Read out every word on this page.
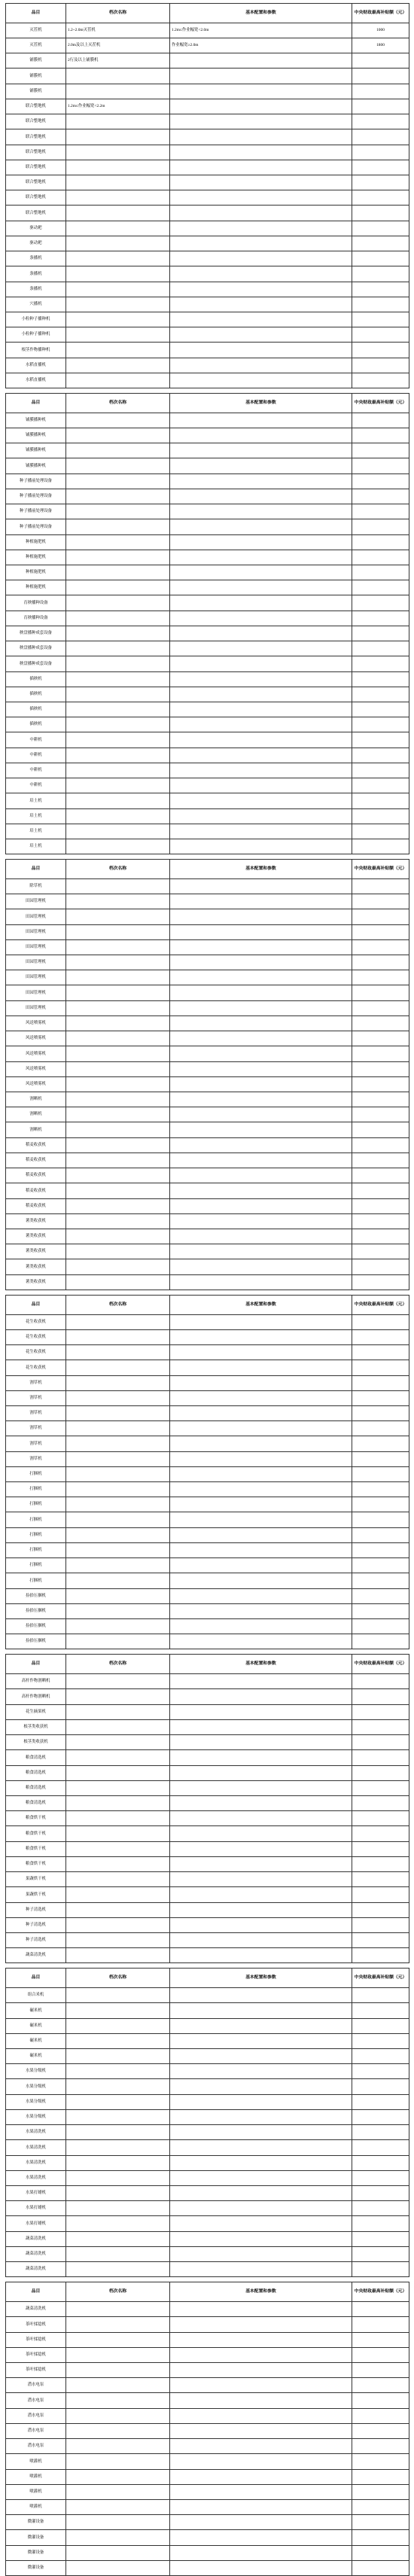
品目	档次名称	基本配置和参数	中央财政最高补贴额（元）
灭茬机	1.2~2.0m灭茬机	1.2m≤作业幅宽<2.0m	1000
灭茬机	2.0m及以上灭茬机	作业幅宽≥2.0m	1800
铺膜机	2行及以上铺膜机		
铺膜机			
铺膜机			
联合整地机	1.2m≤作业幅宽<2.2m		
联合整地机			
联合整地机			
联合整地机			
联合整地机			
联合整地机			
联合整地机			
联合整地机			
驱动耙			
驱动耙			
条播机			
条播机			
条播机			
穴播机			
小粒种子播种机			
小粒种子播种机			
根茎作物播种机			
水稻直播机			
水稻直播机			
品目	档次名称	基本配置和参数	中央财政最高补贴额（元）
铺膜播种机			
铺膜播种机			
铺膜播种机			
铺膜播种机			
种子播前处理设备			
种子播前处理设备			
种子播前处理设备			
种子播前处理设备			
种植施肥机			
种植施肥机			
种植施肥机			
种植施肥机			
育秧播种设备			
育秧播种设备			
秧盘播种成套设备			
秧盘播种成套设备			
秧盘播种成套设备			
插秧机			
插秧机			
插秧机			
插秧机			
中耕机			
中耕机			
中耕机			
中耕机			
培土机			
培土机			
培土机			
培土机			
品目	档次名称	基本配置和参数	中央财政最高补贴额（元）
除草机			
田园管理机			
田园管理机			
田园管理机			
田园管理机			
田园管理机			
田园管理机			
田园管理机			
田园管理机			
风送喷雾机			
风送喷雾机			
风送喷雾机			
风送喷雾机			
风送喷雾机			
割晒机			
割晒机			
割晒机			
稻麦收获机			
稻麦收获机			
稻麦收获机			
稻麦收获机			
稻麦收获机			
薯类收获机			
薯类收获机			
薯类收获机			
薯类收获机			
薯类收获机			
品目	档次名称	基本配置和参数	中央财政最高补贴额（元）
花生收获机			
花生收获机			
花生收获机			
花生收获机			
割草机			
割草机			
割草机			
割草机			
割草机			
割草机			
打捆机			
打捆机			
打捆机			
打捆机			
打捆机			
打捆机			
打捆机			
打捆机			
捡拾压捆机			
捡拾压捆机			
捡拾压捆机			
捡拾压捆机			
品目	档次名称	基本配置和参数	中央财政最高补贴额（元）
高杆作物割晒机			
高杆作物割晒机			
花生摘果机			
根茎类收获机			
根茎类收获机			
粮食清选机			
粮食清选机			
粮食清选机			
粮食清选机			
粮食烘干机			
粮食烘干机			
粮食烘干机			
粮食烘干机			
果蔬烘干机			
果蔬烘干机			
种子清选机			
种子清选机			
种子清选机			
蔬菜清洗机			
品目	档次名称	基本配置和参数	中央财政最高补贴额（元）
组合米机			
碾米机			
碾米机			
碾米机			
碾米机			
水果分级机			
水果分级机			
水果分级机			
水果分级机			
水果清洗机			
水果清洗机			
水果清洗机			
水果清洗机			
水果打蜡机			
水果打蜡机			
水果打蜡机			
蔬菜清洗机			
蔬菜清洗机			
蔬菜清洗机			
品目	档次名称	基本配置和参数	中央财政最高补贴额（元）
蔬菜清洗机			
茶叶揉捻机			
茶叶揉捻机			
茶叶揉捻机			
茶叶揉捻机			
潜水电泵			
潜水电泵			
潜水电泵			
潜水电泵			
潜水电泵			
喷灌机			
喷灌机			
喷灌机			
喷灌机			
微灌设备			
微灌设备			
微灌设备			
微灌设备			
